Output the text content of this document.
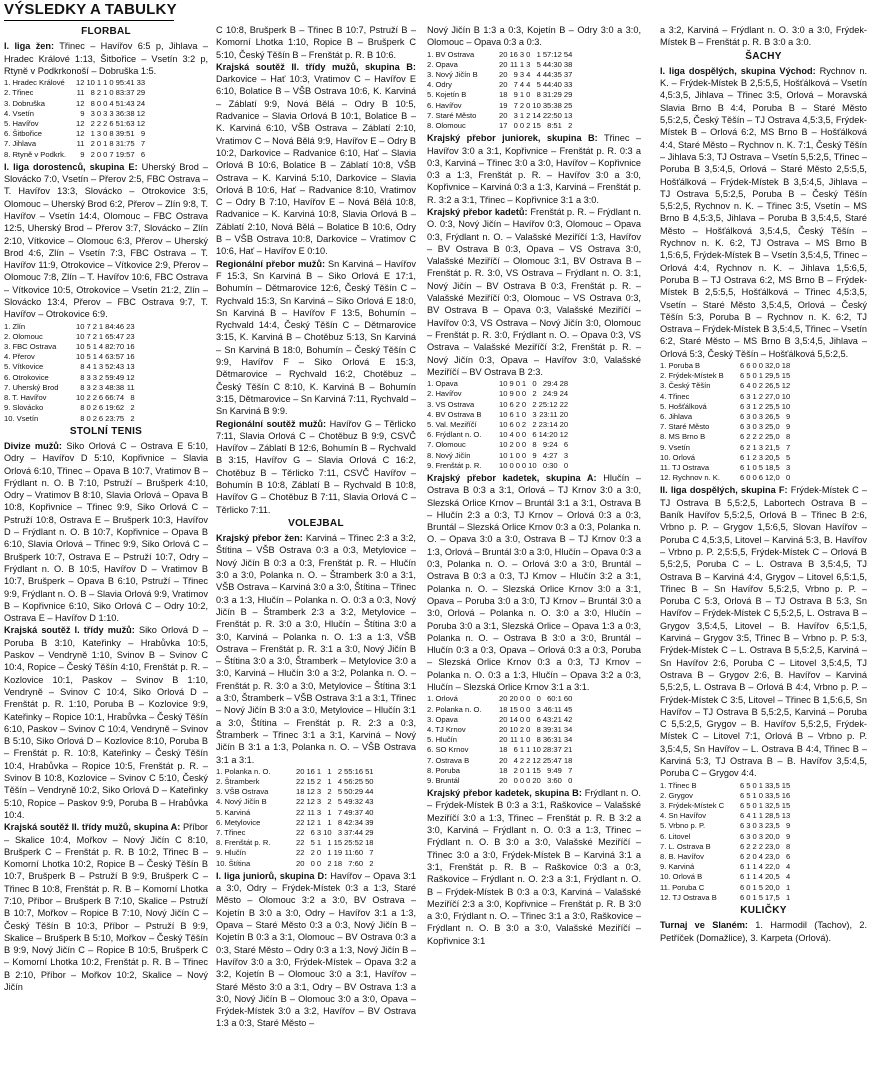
VÝSLEDKY A TABULKY
FLORBAL

I. liga žen: Třinec – Havířov 6:5 p, Jihlava – Hradec Králové 1:13, Šitbořice – Vsetín 3:2 p, Rtyně v Podkrkonoší – Dobruška 1:5.

1. Hradec Králové	12	10	1	1	0	95:41	33
2. Třinec	11	8	2	1	0	83:37	29
3. Dobruška	12	8	0	0	4	51:43	24
4. Vsetín	9	3	0	3	3	36:38	12
5. Havířov	12	2	2	2	6	51:63	12
6. Šitbořice	12	1	3	0	8	39:51	9
7. Jihlava	11	2	0	1	8	31:75	7
8. Rtyně v Podkrk.	9	2	0	0	7	19:57	6

I. liga dorostenců, skupina E: Uherský Brod – Slovácko 7:0, Vsetín – Přerov 2:5, FBC Ostrava – T. Havířov 13:3, Slovácko – Otrokovice 3:5, Olomouc – Uherský Brod 6:2, Přerov – Zlín 9:8, T. Havířov – Vsetín 14:4, Olomouc – FBC Ostrava 12:5, Uherský Brod – Přerov 3:7, Slovácko – Zlín 2:10, Vítkovice – Olomouc 6:3, Přerov – Uherský Brod 4:6, Zlín – Vsetín 7:3, FBC Ostrava – T. Havířov 11:9, Otrokovice – Vítkovice 2:9, Přerov – Olomouc 7:8, Zlín – T. Havířov 10:6, FBC Ostrava – Vítkovice 10:5, Otrokovice – Vsetín 21:2, Zlín – Slovácko 13:4, Přerov – FBC Ostrava 9:7, T. Havířov – Otrokovice 6:9.

1. Zlín	10	7	2	1	84:46	23
2. Olomouc	10	7	2	1	65:47	23
3. FBC Ostrava	10	5	1	4	82:70	16
4. Přerov	10	5	1	4	63:57	16
5. Vítkovice	8	4	1	3	52:43	13
6. Otrokovice	8	3	3	2	59:49	12
7. Uherský Brod	8	3	2	3	48:38	11
8. T. Havířov	10	2	2	6	66:74	8
9. Slovácko	8	0	2	6	19:62	2
10. Vsetín	8	0	2	6	23:75	2
STOLNÍ TENIS

Divize mužů: Siko Orlová C – Ostrava E 5:10, Odry – Havířov D 5:10, Kopřivnice – Slavia Orlová 6:10, Třinec – Opava B 10:7, Vratimov B – Frýdlant n. O. B 7:10, Pstruží – Brušperk 4:10, Odry – Vratimov B 8:10, Slavia Orlová – Opava B 10:8, Kopřivnice – Třinec 9:9, Siko Orlová C – Pstruží 10:8, Ostrava E – Brušperk 10:3, Havířov D – Frýdlant n. O. B 10:7, Kopřivnice – Opava B 6:10, Slavia Orlová – Třinec 9:9, Siko Orlová C – Brušperk 10:7, Ostrava E – Pstruží 10:7, Odry – Frýdlant n. O. B 10:5, Havířov D – Vratimov B 10:7, Brušperk – Opava B 6:10, Pstruží – Třinec 9:9, Frýdlant n. O. B – Slavia Orlová 9:9, Vratimov B – Kopřivnice 6:10, Siko Orlová C – Odry 10:2, Ostrava E – Havířov D 1:10.

Krajská soutěž I. třídy mužů: Siko Orlová D – Poruba B 3:10, Kateřinky – Hrabůvka 10:5, Paskov – Vendryně 1:10, Svinov B – Svinov C 10:4, Ropice – Český Těšín 4:10, Frenštát p. R. – Kozlovice 10:1, Paskov – Svinov B 1:10, Vendryně – Svinov C 10:4, Siko Orlová D – Frenštát p. R. 1:10, Poruba B – Kozlovice 9:9, Kateřinky – Ropice 10:1, Hrabůvka – Český Těšín 6:10, Paskov – Svinov C 10:4, Vendryně – Svinov B 5:10, Siko Orlová D – Kozlovice 8:10, Poruba B – Frenštát p. R. 10:8, Kateřinky – Český Těšín 10:4, Hrabůvka – Ropice 10:5, Frenštát p. R. – Svinov B 10:8, Kozlovice – Svinov C 5:10, Český Těšín – Vendryně 10:2, Siko Orlová D – Kateřinky 5:10, Ropice – Paskov 9:9, Poruba B – Hrabůvka 10:4.

Krajská soutěž II. třídy mužů, skupina A: Příbor – Skalice 10:4, Mořkov – Nový Jičín C 8:10, Brušperk C – Frenštát p. R. B 10:2, Třinec B – Komorní Lhotka 10:2, Ropice B – Český Těšín B 10:7, Brušperk B – Pstruží B 9:9, Brušperk C – Třinec B 10:8, Frenštát p. R. B – Komorní Lhotka 7:10, Příbor – Brušperk B 7:10, Skalice – Pstruží B 10:7, Mořkov – Ropice B 7:10, Nový Jičín C – Český Těšín B 10:3, Příbor – Pstruží B 9:9, Skalice – Brušperk B 5:10, Mořkov – Český Těšín B 9:9, Nový Jičín C – Ropice B 10:5, Brušperk C – Komorní Lhotka 10:2, Frenštát p. R. B – Třinec B 2:10, Příbor – Mořkov 10:2, Skalice – Nový Jičín

C 10:8, Brušperk B – Třinec B 10:7, Pstruží B – Komorní Lhotka 1:10, Ropice B – Brušperk C 5:10, Český Těšín B – Frenštát p. R. B 10:6.

Krajská soutěž II. třídy mužů, skupina B: Darkovice – Hať 10:3, Vratimov C – Havířov E 6:10, Bolatice B – VŠB Ostrava 10:6, K. Karviná – Záblatí 9:9, Nová Bělá – Odry B 10:5, Radvanice – Slavia Orlová B 10:1, Bolatice B – K. Karviná 6:10, VŠB Ostrava – Záblatí 2:10, Vratimov C – Nová Bělá 9:9, Havířov E – Odry B 10:2, Darkovice – Radvanice 6:10, Hať – Slavia Orlová B 10:6, Bolatice B – Záblatí 10:8, VŠB Ostrava – K. Karviná 5:10, Darkovice – Slavia Orlová B 10:6, Hať – Radvanice 8:10, Vratimov C – Odry B 7:10, Havířov E – Nová Bělá 10:8, Radvanice – K. Karviná 10:8, Slavia Orlová B – Záblatí 2:10, Nová Bělá – Bolatice B 10:6, Odry B – VŠB Ostrava 10:8, Darkovice – Vratimov C 10:6, Hať – Havířov E 0:10.

Regionální přebor mužů: Sn Karviná – Havířov F 15:3, Sn Karviná B – Siko Orlová E 17:1, Bohumín – Dětmarovice 12:6, Český Těšín C – Rychvald 15:3, Sn Karviná – Siko Orlová E 18:0, Sn Karviná B – Havířov F 13:5, Bohumín – Rychvald 14:4, Český Těšín C – Dětmarovice 3:15, K. Karviná B – Chotěbuz 5:13, Sn Karviná – Sn Karviná B 18:0, Bohumín – Český Těšín C 9:9, Havířov F – Siko Orlová E 15:3, Dětmarovice – Rychvald 16:2, Chotěbuz – Český Těšín C 8:10, K. Karviná B – Bohumín 3:15, Dětmarovice – Sn Karviná 7:11, Rychvald – Sn Karviná B 9:9.

Regionální soutěž mužů: Havířov G – Těrlicko 7:11, Slavia Orlová C – Chotěbuz B 9:9, CSVČ Havířov – Záblatí B 12:6, Bohumín B – Rychvald B 3:15, Havířov G – Slavia Orlová C 16:2, Chotěbuz B – Těrlicko 7:11, CSVČ Havířov – Bohumín B 10:8, Záblatí B – Rychvald B 10:8, Havířov G – Chotěbuz B 7:11, Slavia Orlová C – Těrlicko 7:11.

VOLEJBAL

Krajský přebor žen: Karviná – Třinec 2:3 a 3:2, Štítina – VŠB Ostrava 0:3 a 0:3, Metylovice – Nový Jičín B 0:3 a 0:3, Frenštát p. R. – Hlučín 3:0 a 3:0, Polanka n. O. – Štramberk 3:0 a 3:1, VŠB Ostrava – Karviná 3:0 a 3:0, Štítina – Třinec 0:3 a 1:3, Hlučín – Polanka n. O. 0:3 a 0:3, Nový Jičín B – Štramberk 2:3 a 3:2, Metylovice – Frenštát p. R. 3:0 a 3:0, Hlučín – Štítina 3:0 a 3:0, Karviná – Polanka n. O. 1:3 a 1:3, VŠB Ostrava – Frenštát p. R. 3:1 a 3:0, Nový Jičín B – Štítina 3:0 a 3:0, Štramberk – Metylovice 3:0 a 3:0, Karviná – Hlučín 3:0 a 3:2, Polanka n. O. – Frenštát p. R. 3:0 a 3:0, Metylovice – Štítina 3:1 a 3:0, Štramberk – VŠB Ostrava 3:1 a 3:1, Třinec – Nový Jičín B 3:0 a 3:0, Metylovice – Hlučín 3:1 a 3:0, Štítina – Frenštát p. R. 2:3 a 0:3, Štramberk – Třinec 3:1 a 3:1, Karviná – Nový Jičín B 3:1 a 1:3, Polanka n. O. – VŠB Ostrava 3:1 a 3:1.

1. Polanka n. O.	20	16	1	1	2	55:16	51
2. Štramberk	22	15	2	1	4	56:25	50
3. VŠB Ostrava	18	12	3	2	5	50:29	44
4. Nový Jičín B	22	12	3	2	5	49:32	43
5. Karviná	22	11	3	1	7	49:37	40
6. Metylovice	22	12	1	1	8	42:34	39
7. Třinec	22	6	3	10	3	37:44	29
8. Frenštát p. R.	22	5	1	1	15	25:52	18
9. Hlučín	22	2	0	1	19	11:60	7
10. Štítina	20	0	0	2	18	7:60	2

I. liga juniorů, skupina D: Havířov – Opava 3:1 a 3:0, Odry – Frýdek-Místek 0:3 a 1:3, Staré Město – Olomouc 3:2 a 3:0, BV Ostrava – Kojetín B 3:0 a 3:0, Odry – Havířov 3:1 a 1:3, Opava – Staré Město 0:3 a 0:3, Nový Jičín B – Kojetín B 0:3 a 3:1, Olomouc – BV Ostrava 0:3 a 0:3, Staré Město – Odry 0:3 a 1:3, Nový Jičín B – Havířov 3:0 a 3:0, Frýdek-Místek – Opava 3:2 a 3:2, Kojetín B – Olomouc 3:0 a 3:1, Havířov – Staré Město 3:0 a 3:1, Odry – BV Ostrava 1:3 a 3:0, Nový Jičín B – Olomouc 3:0 a 3:0, Opava – Frýdek-Místek 3:0 a 3:2, Havířov – BV Ostrava 1:3 a 0:3, Staré Město –

Nový Jičín B 1:3 a 0:3, Kojetín B – Odry 3:0 a 3:0, Olomouc – Opava 0:3 a 0:3.

1. BV Ostrava	20	16	3	0	1	57:12	54
2. Opava	20	11	1	3	5	44:30	38
3. Nový Jičín B	20	9	3	4	4	44:35	37
4. Odry	20	7	4	4	5	44:40	33
5. Kojetín B	18	9	1	0	8	31:29	29
6. Havířov	19	7	2	0	10	35:38	25
7. Staré Město	20	3	1	2	14	22:50	13
8. Olomouc	17	0	0	2	15	8:51	2

Krajský přebor juniorek, skupina B: Třinec – Havířov 3:0 a 3:1, Kopřivnice – Frenštát p. R. 0:3 a 0:3, Karviná – Třinec 3:0 a 3:0, Havířov – Kopřivnice 0:3 a 1:3, Frenštát p. R. – Havířov 3:0 a 3:0, Kopřivnice – Karviná 0:3 a 1:3, Karviná – Frenštát p. R. 3:2 a 3:1, Třinec – Kopřivnice 3:1 a 3:0.

Krajský přebor kadetů: Frenštát p. R. – Frýdlant n. O. 0:3, Nový Jičín – Havířov 0:3, Olomouc – Opava 0:3, Frýdlant n. O. – Valašské Meziříčí 1:3, Havířov – BV Ostrava B 0:3, Opava – VS Ostrava 3:0, Valašské Meziříčí – Olomouc 3:1, BV Ostrava B – Frenštát p. R. 3:0, VS Ostrava – Frýdlant n. O. 3:1, Nový Jičín – BV Ostrava B 0:3, Frenštát p. R. – Valašské Meziříčí 0:3, Olomouc – VS Ostrava 0:3, BV Ostrava B – Opava 0:3, Valašské Meziříčí – Havířov 0:3, VS Ostrava – Nový Jičín 3:0, Olomouc – Frenštát p. R. 3:0, Frýdlant n. O. – Opava 0:3, VS Ostrava – Valašské Meziříčí 3:2, Frenštát p. R. – Nový Jičín 0:3, Opava – Havířov 3:0, Valašské Meziříčí – BV Ostrava B 2:3.

1. Opava	10	9	0	1	0	29:4	28
2. Havířov	10	9	0	0	2	24:9	24
3. VS Ostrava	10	6	2	0	2	25:12	22
4. BV Ostrava B	10	6	1	0	3	23:11	20
5. Val. Meziříčí	10	6	0	2	2	23:14	20
6. Frýdlant n. O.	10	4	0	0	6	14:20	12
7. Olomouc	10	2	0	0	8	9:24	6
8. Nový Jičín	10	1	0	0	9	4:27	3
9. Frenštát p. R.	10	0	0	0	10	0:30	0

Krajský přebor kadetek, skupina A: Hlučín – Ostrava B 0:3 a 3:1, Orlová – TJ Krnov 3:0 a 3:0, Slezská Orlice Krnov – Bruntál 3:1 a 3:1, Ostrava B – Hlučín 2:3 a 0:3, TJ Krnov – Orlová 0:3 a 0:3, Bruntál – Slezská Orlice Krnov 0:3 a 0:3, Polanka n. O. – Opava 3:0 a 3:0, Ostrava B – TJ Krnov 0:3 a 1:3, Orlová – Bruntál 3:0 a 3:0, Hlučín – Opava 0:3 a 0:3, Polanka n. O. – Orlová 3:0 a 3:0, Bruntál – Ostrava B 0:3 a 0:3, TJ Krnov – Hlučín 3:2 a 3:1, Polanka n. O. – Slezská Orlice Krnov 3:0 a 3:1, Opava – Poruba 3:0 a 3:0, TJ Krnov – Bruntál 3:0 a 3:0, Orlová – Polanka n. O. 3:0 a 3:0, Hlučín – Poruba 3:0 a 3:1, Slezská Orlice – Opava 1:3 a 0:3, Polanka n. O. – Ostrava B 3:0 a 3:0, Bruntál – Hlučín 0:3 a 0:3, Opava – Orlová 0:3 a 0:3, Poruba – Slezská Orlice Krnov 0:3 a 0:3, TJ Krnov – Polanka n. O. 0:3 a 1:3, Hlučín – Opava 3:2 a 0:3, Hlučín – Slezská Orlice Krnov 3:1 a 3:1.

1. Orlová	20	20	0	0	0	60:1	60
2. Polanka n. O.	18	15	0	0	3	46:11	45
3. Opava	20	14	0	0	6	43:21	42
4. TJ Krnov	20	10	2	0	8	39:31	34
5. Hlučín	20	11	1	0	8	36:31	34
6. SO Krnov	18	6	1	1	10	28:37	21
7. Ostrava B	20	4	2	2	12	25:47	18
8. Poruba	18	2	0	1	15	9:49	7
9. Bruntál	20	0	0	0	20	3:60	0

Krajský přebor kadetek, skupina B: Frýdlant n. O. – Frýdek-Místek B 0:3 a 3:1, Raškovice – Valašské Meziříčí 3:0 a 1:3, Třinec – Frenštát p. R. B 3:2 a 3:0, Karviná – Frýdlant n. O. 0:3 a 1:3, Třinec – Frýdlant n. O. B 3:0 a 3:0, Valašské Meziříčí – Třinec 3:0 a 3:0, Frýdek-Místek B – Karviná 3:1 a 3:1, Frenštát p. R. B – Raškovice 0:3 a 0:3, Raškovice – Frýdlant n. O. 2:3 a 3:1, Frýdlant n. O. B – Frýdek-Místek B 0:3 a 0:3, Karviná – Valašské Meziříčí 2:3 a 3:0, Kopřivnice – Frenštát p. R. B 3:0 a 3:0, Frýdlant n. O. – Třinec 3:1 a 3:0, Raškovice – Frýdlant n. O. B 3:0 a 3:0, Valašské Meziříčí – Kopřivnice 3:1

a 3:2, Karviná – Frýdlant n. O. 3:0 a 3:0, Frýdek-Místek B – Frenštát p. R. B 3:0 a 3:0.

ŠACHY

I. liga dospělých, skupina Východ: Rychnov n. K. – Frýdek-Místek B 2,5:5,5, Hošťálková – Vsetín 4,5:3,5, Jihlava – Třinec 3:5, Orlová – Moravská Slavia Brno B 4:4, Poruba B – Staré Město 5,5:2,5, Český Těšín – TJ Ostrava 4,5:3,5, Frýdek-Místek B – Orlová 6:2, MS Brno B – Hošťálková 4:4, Staré Město – Rychnov n. K. 7:1, Český Těšín – Jihlava 5:3, TJ Ostrava – Vsetín 5,5:2,5, Třinec – Poruba B 3,5:4,5, Orlová – Staré Město 2,5:5,5, Hošťálková – Frýdek-Místek B 3,5:4,5, Jihlava – TJ Ostrava 5,5:2,5, Poruba B – Český Těšín 5,5:2,5, Rychnov n. K. – Třinec 3:5, Vsetín – MS Brno B 4,5:3,5, Jihlava – Poruba B 3,5:4,5, Staré Město – Hošťálková 3,5:4,5, Český Těšín – Rychnov n. K. 6:2, TJ Ostrava – MS Brno B 1,5:6,5, Frýdek-Místek B – Vsetín 3,5:4,5, Třinec – Orlová 4:4, Rychnov n. K. – Jihlava 1,5:6,5, Poruba B – TJ Ostrava 6:2, MS Brno B – Frýdek-Místek B 2,5:5,5, Hošťálková – Třinec 4,5:3,5, Vsetín – Staré Město 3,5:4,5, Orlová – Český Těšín 5:3, Poruba B – Rychnov n. K. 6:2, TJ Ostrava – Frýdek-Místek B 3,5:4,5, Třinec – Vsetín 6:2, Staré Město – MS Brno B 3,5:4,5, Jihlava – Orlová 5:3, Český Těšín – Hošťálková 5,5:2,5.

1. Poruba B	6	6	0	0	32,0	18
2. Frýdek-Místek B	6	5	0	1	29,5	15
3. Český Těšín	6	4	0	2	26,5	12
4. Třinec	6	3	1	2	27,0	10
5. Hošťálková	6	3	1	2	25,5	10
6. Jihlava	6	3	0	3	26,5	9
7. Staré Město	6	3	0	3	25,0	9
8. MS Brno B	6	2	2	2	25,0	8
9. Vsetín	6	2	1	3	21,5	7
10. Orlová	6	1	2	3	20,5	5
11. TJ Ostrava	6	1	0	5	18,5	3
12. Rychnov n. K.	6	0	0	6	12,0	0

II. liga dospělých, skupina F: Frýdek-Místek C – TJ Ostrava B 5,5:2,5, Labortech Ostrava B – Baník Havířov 5,5:2,5, Orlová B – Třinec B 2:6, Vrbno p. P. – Grygov 1,5:6,5, Slovan Havířov – Poruba C 4,5:3,5, Litovel – Karviná 5:3, B. Havířov – Vrbno p. P. 2,5:5,5, Frýdek-Místek C – Orlová B 5,5:2,5, Poruba C – L. Ostrava B 3,5:4,5, TJ Ostrava B – Karviná 4:4, Grygov – Litovel 6,5:1,5, Třinec B – Sn Havířov 5,5:2,5, Vrbno p. P. – Poruba C 5:3, Orlová B – TJ Ostrava B 5:3, Sn Havířov – Frýdek-Místek C 5,5:2,5, L. Ostrava B – Grygov 3,5:4,5, Litovel – B. Havířov 6,5:1,5, Karviná – Grygov 3:5, Třinec B – Vrbno p. P. 5:3, Frýdek-Místek C – L. Ostrava B 5,5:2,5, Karviná – Sn Havířov 2:6, Poruba C – Litovel 3,5:4,5, TJ Ostrava B – Grygov 2:6, B. Havířov – Karviná 5,5:2,5, L. Ostrava B – Orlová B 4:4, Vrbno p. P. – Frýdek-Místek C 3:5, Litovel – Třinec B 1,5:6,5, Sn Havířov – TJ Ostrava B 5,5:2,5, Karviná – Poruba C 5,5:2,5, Grygov – B. Havířov 5,5:2,5, Frýdek-Místek C – Litovel 7:1, Orlová B – Vrbno p. P. 3,5:4,5, Sn Havířov – L. Ostrava B 4:4, Třinec B – Karviná 5:3, TJ Ostrava B – B. Havířov 3,5:4,5, Poruba C – Grygov 4:4.

1. Třinec B	6	5	0	1	33,5	15
2. Grygov	6	5	1	0	33,5	16
3. Frýdek-Místek C	6	5	0	1	32,5	15
4. Sn Havířov	6	4	1	1	28,5	13
5. Vrbno p. P.	6	3	0	3	23,5	9
6. Litovel	6	3	0	3	20,0	9
7. L. Ostrava B	6	2	2	2	23,0	8
8. B. Havířov	6	2	0	4	23,0	6
9. Karviná	6	1	1	4	22,0	4
10. Orlová B	6	1	1	4	20,5	4
11. Poruba C	6	0	1	5	20,0	1
12. TJ Ostrava B	6	0	1	5	17,5	1
KULIČKY

Turnaj ve Slaném: 1. Harmodil (Tachov), 2. Petříček (Domažlice), 3. Karpeta (Orlová).
